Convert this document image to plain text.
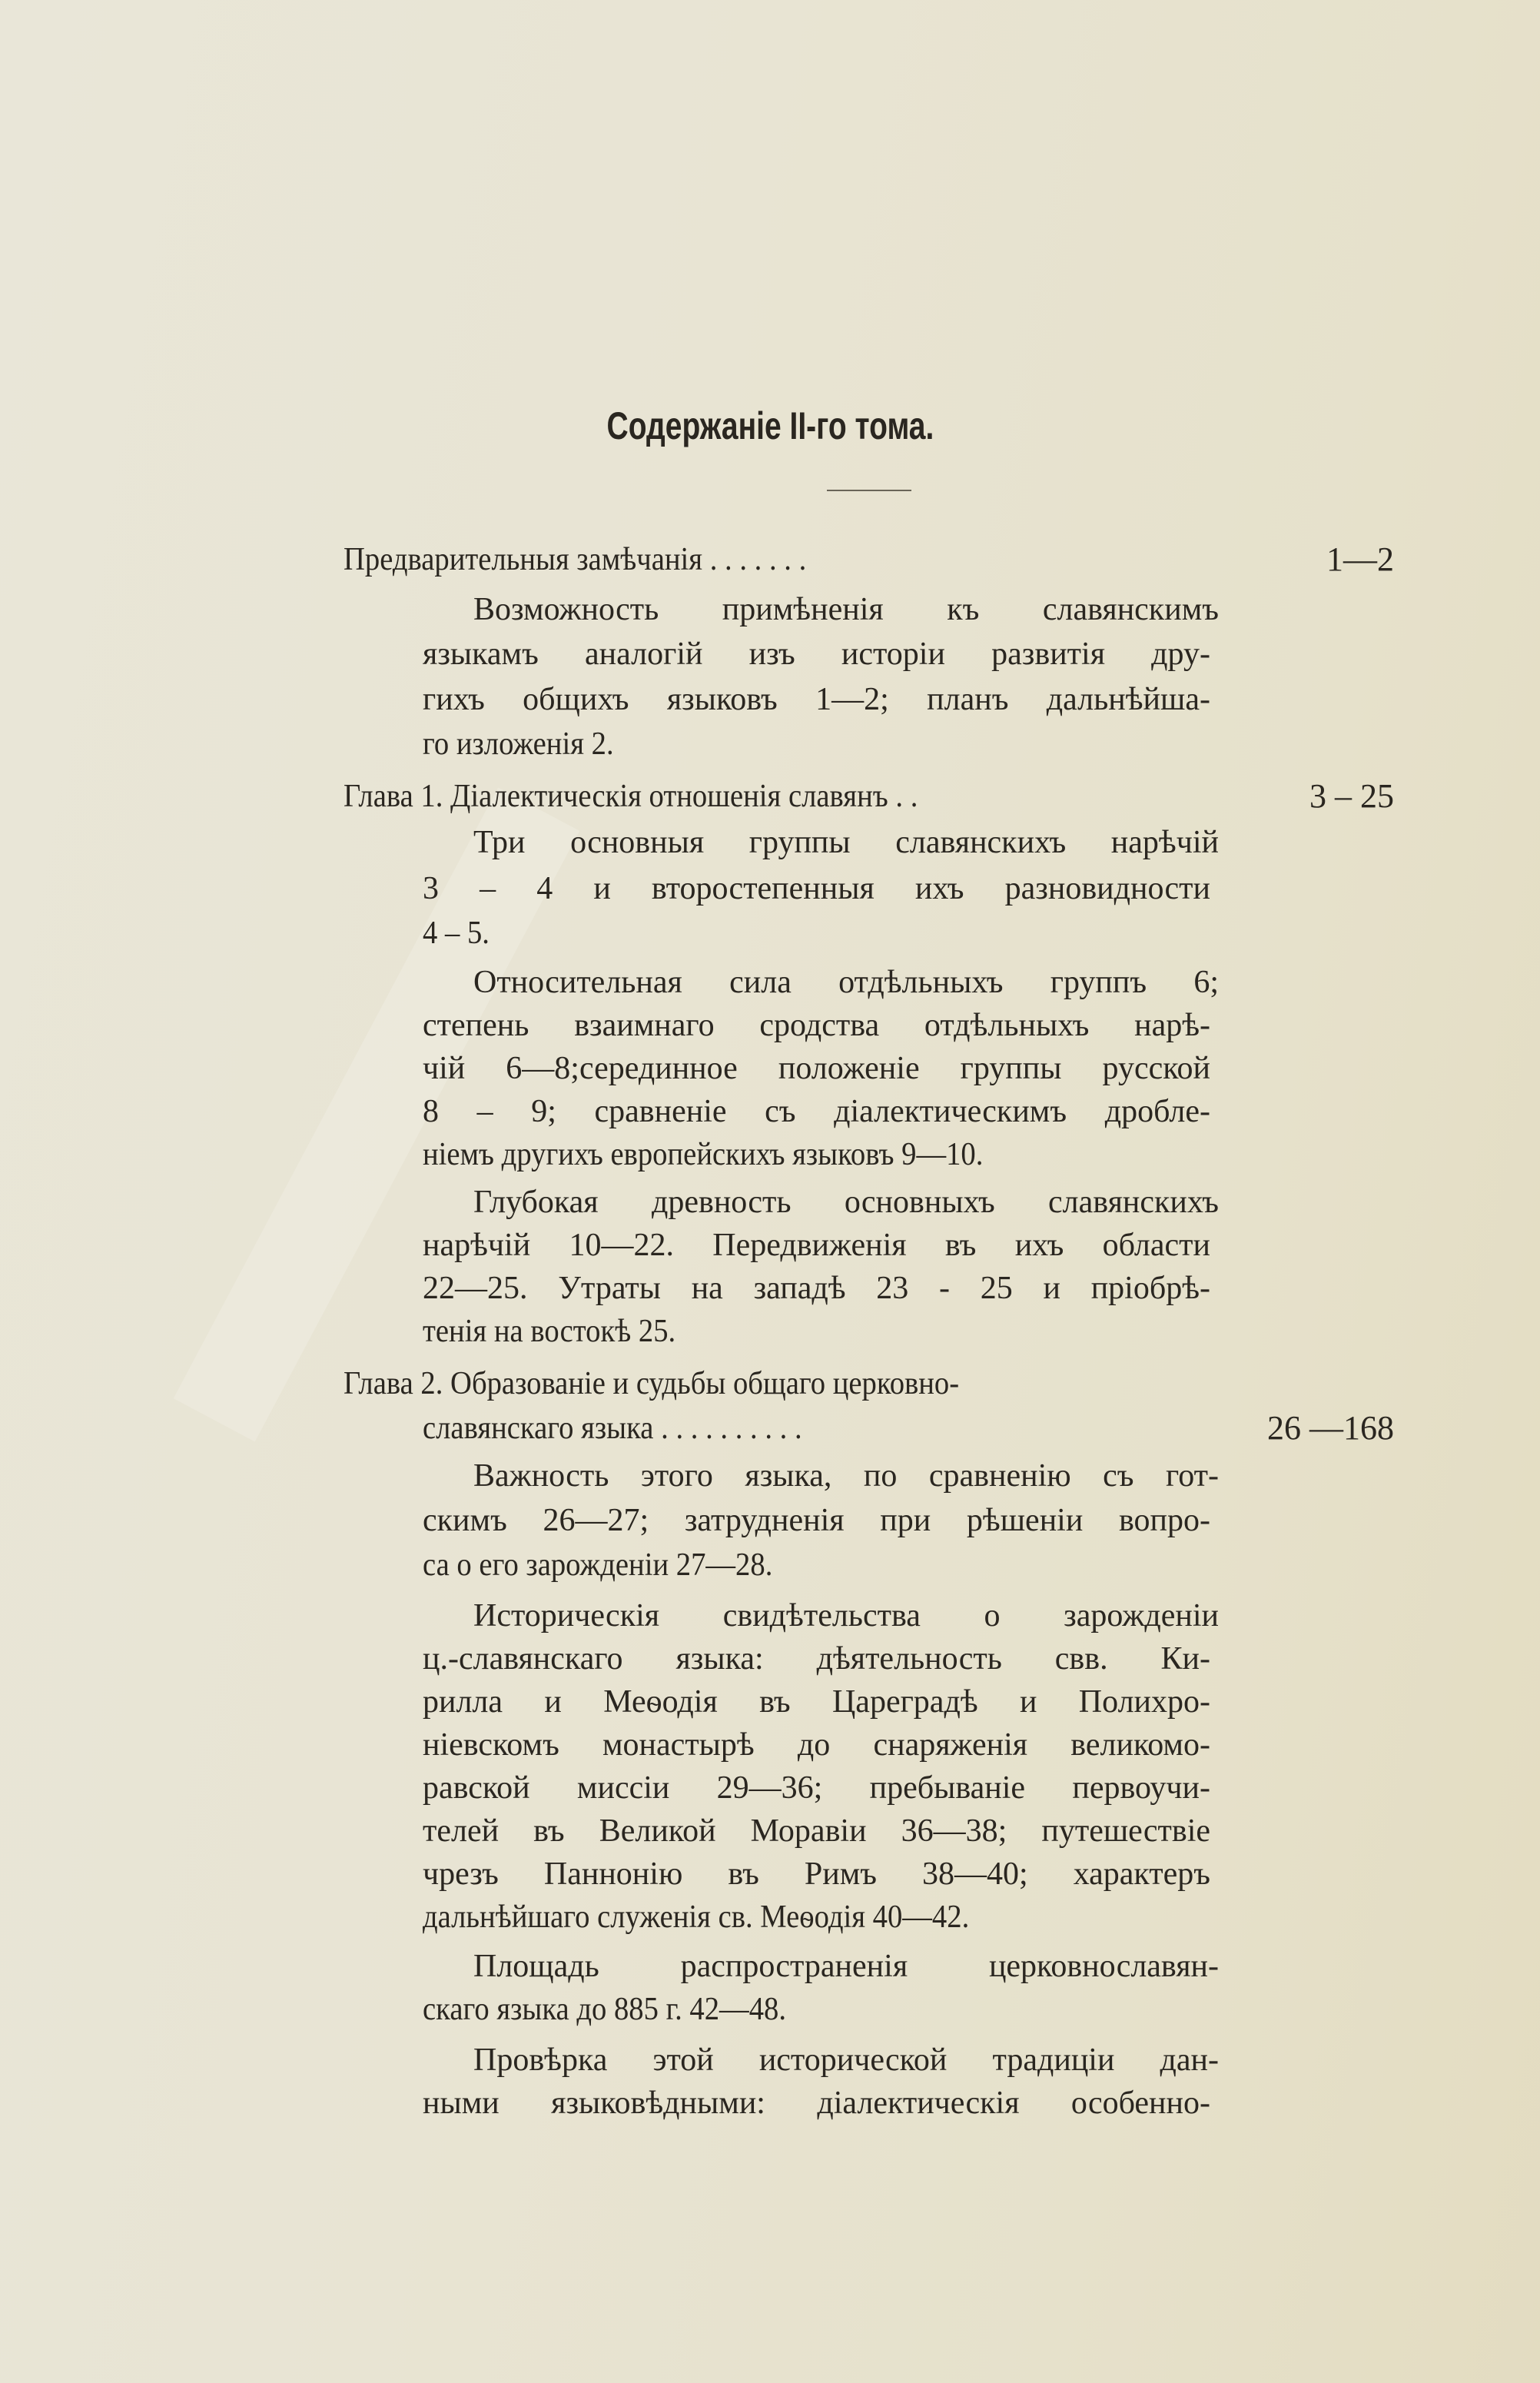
Содержаніе II-го тома.
Предварительныя замѣчанія . . . . . . .	1—2
Возможность примѣненія къ славянскимъ
языкамъ аналогій изъ исторіи развитія дру-
гихъ общихъ языковъ 1—2; планъ дальнѣйша-
го изложенія 2.
Глава 1. Діалектическія отношенія славянъ . .	3 – 25
Три основныя группы славянскихъ нарѣчій
3 – 4 и второстепенныя ихъ разновидности
4 – 5.
Относительная сила отдѣльныхъ группъ 6;
степень взаимнаго сродства отдѣльныхъ нарѣ-
чій 6—8;серединное положеніе группы русской
8 – 9; сравненіе съ діалектическимъ дробле-
ніемъ другихъ европейскихъ языковъ 9—10.
Глубокая древность основныхъ славянскихъ
нарѣчій 10—22. Передвиженія въ ихъ области
22—25. Утраты на западѣ 23 - 25 и пріобрѣ-
тенія на востокѣ 25.
Глава 2. Образованіе и судьбы общаго церковно-
славянскаго языка . . . . . . . . . .	26 —168
Важность этого языка, по сравненію съ гот-
скимъ 26—27; затрудненія при рѣшеніи вопро-
са о его зарожденіи 27—28.
Историческія свидѣтельства о зарожденіи
ц.-славянскаго языка: дѣятельность свв. Ки-
рилла и Меѳодія въ Цареградѣ и Полихро-
ніевскомъ монастырѣ до снаряженія великомо-
равской миссіи 29—36; пребываніе первоучи-
телей въ Великой Моравіи 36—38; путешествіе
чрезъ Паннонію въ Римъ 38—40; характеръ
дальнѣйшаго служенія св. Меѳодія 40—42.
Площадь распространенія церковнославян-
скаго языка до 885 г. 42—48.
Провѣрка этой исторической традиціи дан-
ными языковѣдными: діалектическія особенно-
